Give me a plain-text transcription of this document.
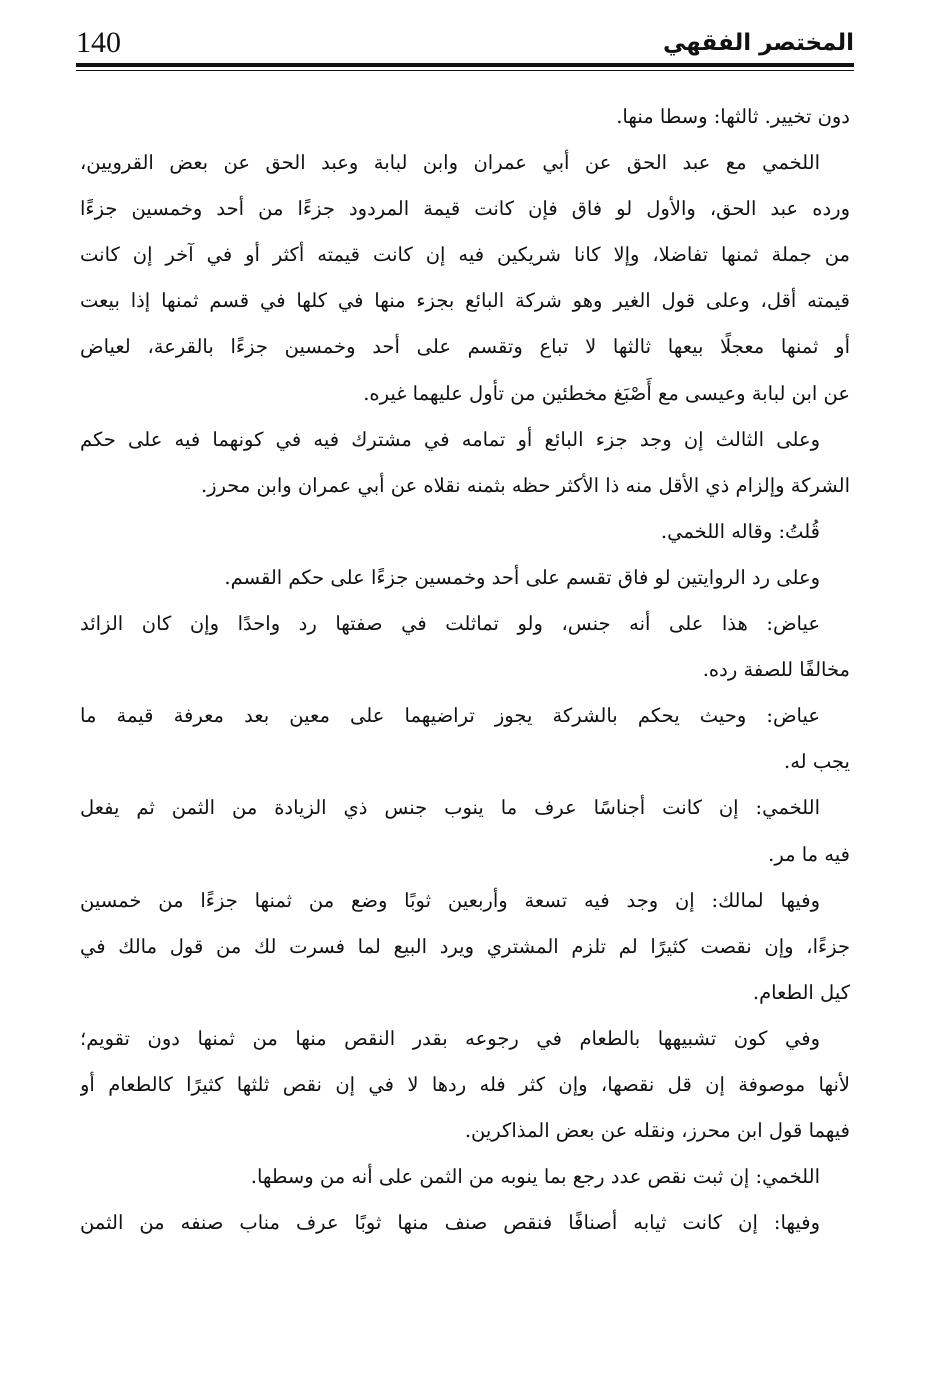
140	المختصر الفقهي
دون تخيير. ثالثها: وسطا منها.
اللخمي مع عبد الحق عن أبي عمران وابن لبابة وعبد الحق عن بعض القرويين،
ورده عبد الحق، والأول لو فاق فإن كانت قيمة المردود جزءًا من أحد وخمسين جزءًا
من جملة ثمنها تفاضلا، وإلا كانا شريكين فيه إن كانت قيمته أكثر أو في آخر إن كانت
قيمته أقل، وعلى قول الغير وهو شركة البائع بجزء منها في كلها في قسم ثمنها إذا بيعت
أو ثمنها معجلًا بيعها ثالثها لا تباع وتقسم على أحد وخمسين جزءًا بالقرعة، لعياض
عن ابن لبابة وعيسى مع أَصْبَغ مخطئين من تأول عليهما غيره.
وعلى الثالث إن وجد جزء البائع أو تمامه في مشترك فيه في كونهما فيه على حكم
الشركة وإلزام ذي الأقل منه ذا الأكثر حظه بثمنه نقلاه عن أبي عمران وابن محرز.
قُلتُ: وقاله اللخمي.
وعلى رد الروايتين لو فاق تقسم على أحد وخمسين جزءًا على حكم القسم.
عياض: هذا على أنه جنس، ولو تماثلت في صفتها رد واحدًا وإن كان الزائد
مخالفًا للصفة رده.
عياض: وحيث يحكم بالشركة يجوز تراضيهما على معين بعد معرفة قيمة ما
يجب له.
اللخمي: إن كانت أجناسًا عرف ما ينوب جنس ذي الزيادة من الثمن ثم يفعل
فيه ما مر.
وفيها لمالك: إن وجد فيه تسعة وأربعين ثوبًا وضع من ثمنها جزءًا من خمسين
جزءًا، وإن نقصت كثيرًا لم تلزم المشتري ويرد البيع لما فسرت لك من قول مالك في
كيل الطعام.
وفي كون تشبيهها بالطعام في رجوعه بقدر النقص منها من ثمنها دون تقويم؛
لأنها موصوفة إن قل نقصها، وإن كثر فله ردها لا في إن نقص ثلثها كثيرًا كالطعام أو
فيهما قول ابن محرز، ونقله عن بعض المذاكرين.
اللخمي: إن ثبت نقص عدد رجع بما ينوبه من الثمن على أنه من وسطها.
وفيها: إن كانت ثيابه أصنافًا فنقص صنف منها ثوبًا عرف مناب صنفه من الثمن
